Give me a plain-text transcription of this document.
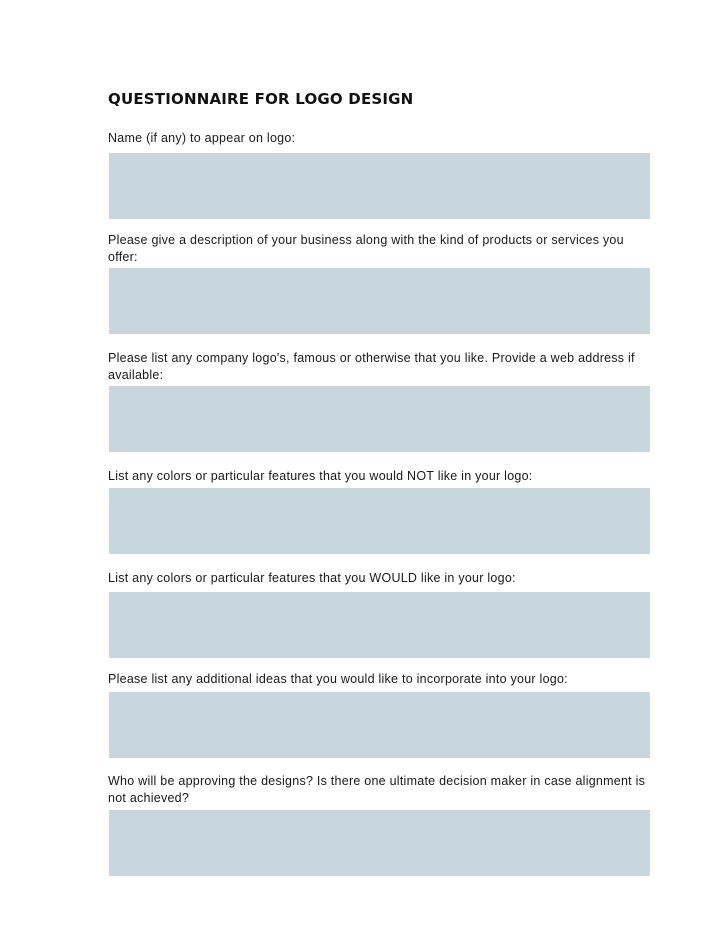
QUESTIONNAIRE FOR LOGO DESIGN

Name (if any) to appear on logo:

Please give a description of your business along with the kind of products or services you offer:

Please list any company logo's, famous or otherwise that you like. Provide a web address if available:

List any colors or particular features that you would NOT like in your logo:

List any colors or particular features that you WOULD like in your logo:

Please list any additional ideas that you would like to incorporate into your logo:

Who will be approving the designs? Is there one ultimate decision maker in case alignment is not achieved?
